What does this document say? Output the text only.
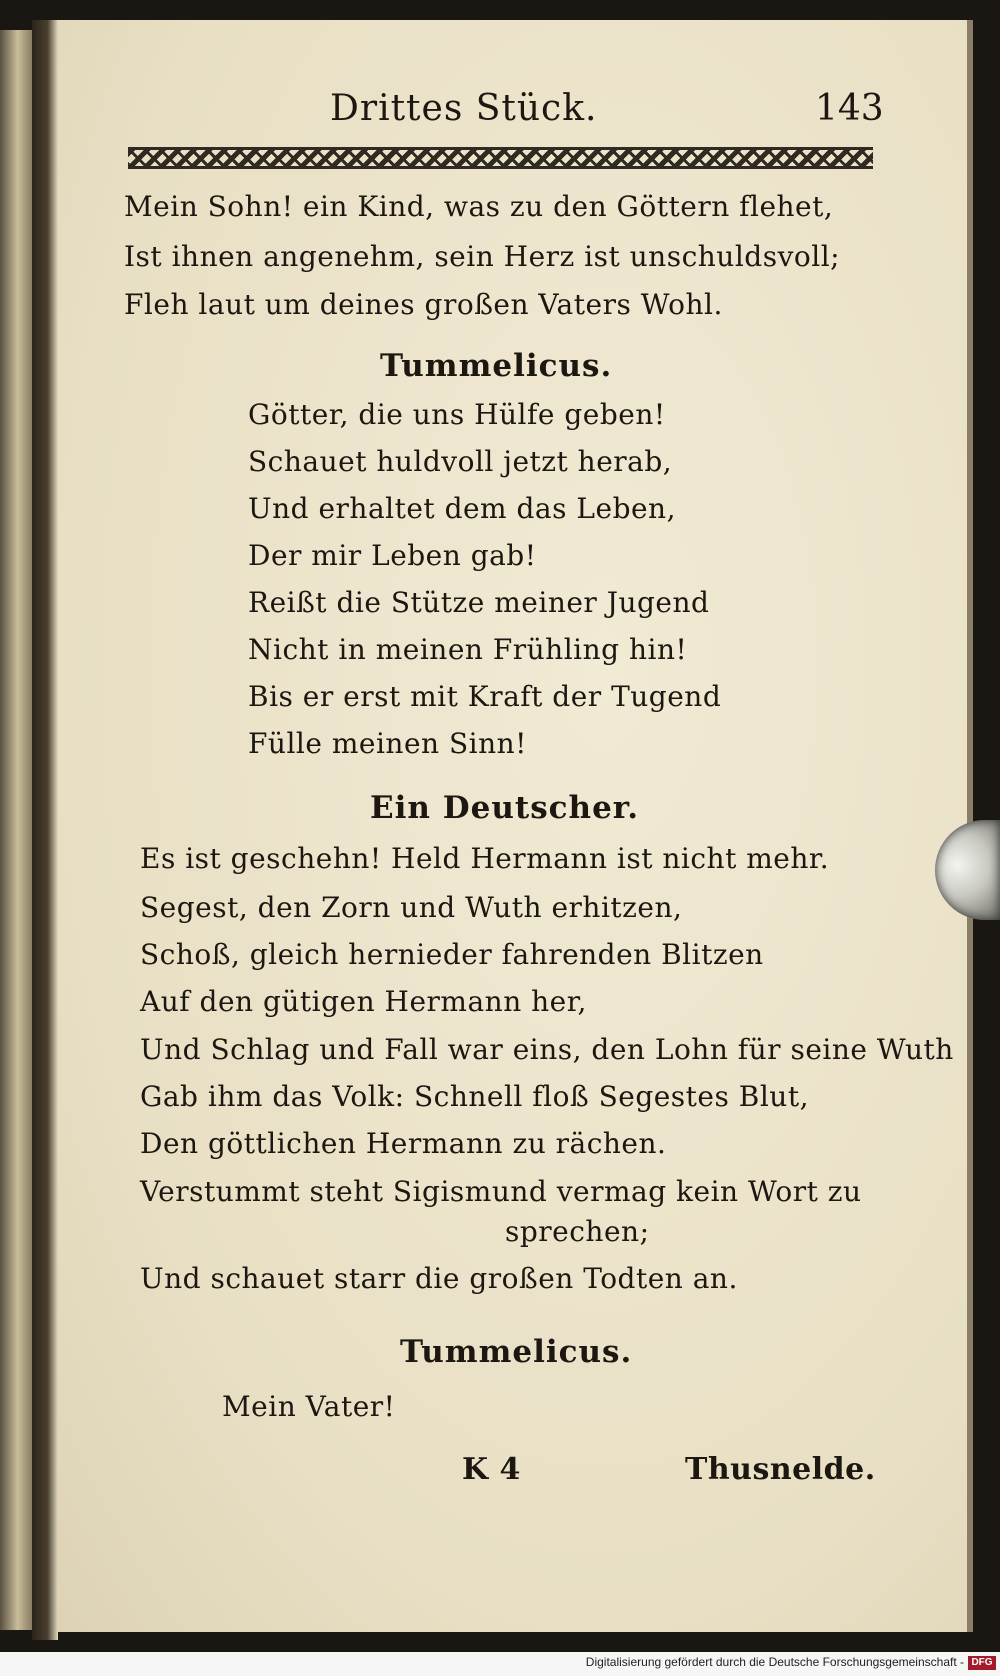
Drittes Stück.	143
Mein Sohn! ein Kind, was zu den Göttern flehet,
Ist ihnen angenehm, sein Herz ist unschuldsvoll;
Fleh laut um deines großen Vaters Wohl.
Tummelicus.
Götter, die uns Hülfe geben!
Schauet huldvoll jetzt herab,
Und erhaltet dem das Leben,
Der mir Leben gab!
Reißt die Stütze meiner Jugend
Nicht in meinen Frühling hin!
Bis er erst mit Kraft der Tugend
Fülle meinen Sinn!
Ein Deutscher.
Es ist geschehn! Held Hermann ist nicht mehr.
Segest, den Zorn und Wuth erhitzen,
Schoß, gleich hernieder fahrenden Blitzen
Auf den gütigen Hermann her,
Und Schlag und Fall war eins, den Lohn für seine Wuth
Gab ihm das Volk: Schnell floß Segestes Blut,
Den göttlichen Hermann zu rächen.
Verstummt steht Sigismund vermag kein Wort zu
sprechen;
Und schauet starr die großen Todten an.
Tummelicus.
Mein Vater!
K 4	Thusnelde.
Digitalisierung gefördert durch die Deutsche Forschungsgemeinschaft - DFG
